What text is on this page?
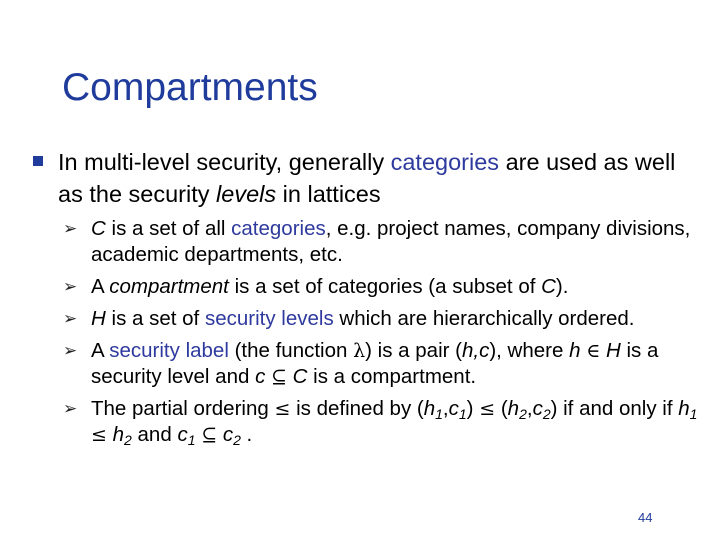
Compartments
In multi-level security, generally categories are used as well as the security levels in lattices
➢ C is a set of all categories, e.g. project names, company divisions, academic departments, etc.
➢ A compartment is a set of categories (a subset of C).
➢ H is a set of security levels which are hierarchically ordered.
➢ A security label (the function λ) is a pair (h,c), where h ∈ H is a security level and c ⊆ C is a compartment.
➢ The partial ordering ≤ is defined by $(h_1,c_1) \le (h_2,c_2)$ if and only if $h_1 \le h_2$ and $c_1$ ⊆ $c_2$ .
44
